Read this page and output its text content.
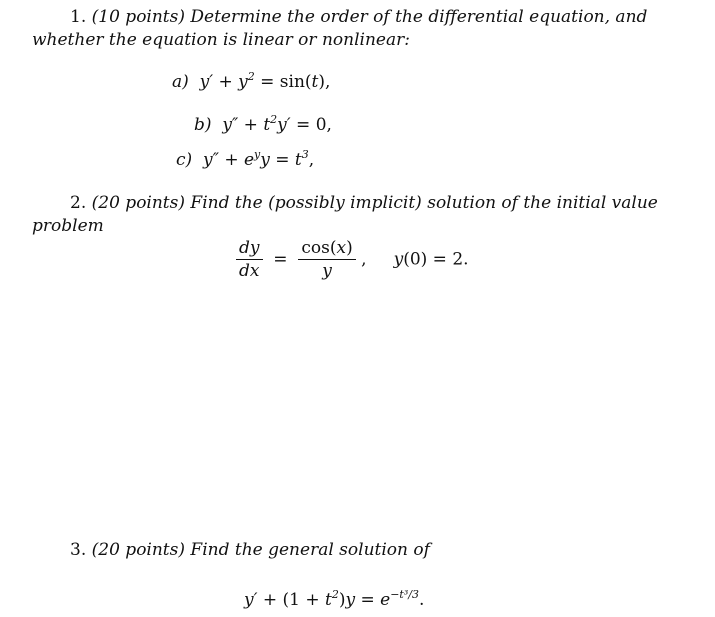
1. (10 points) Determine the order of the differential equation, and
whether the equation is linear or nonlinear:
a)  $y' + y^2 = \sin(t)$,
b)  $y'' + t^2y' = 0$,
c)  $y'' + e^yy = t^3$,
2. (20 points) Find the (possibly implicit) solution of the initial value
problem
$\frac{dy}{dx} = \frac{\cos(x)}{y}$ , y(0) = 2.
3. (20 points) Find the general solution of
$y' + (1 + t^2)y = e^{-t^3/3}$.
